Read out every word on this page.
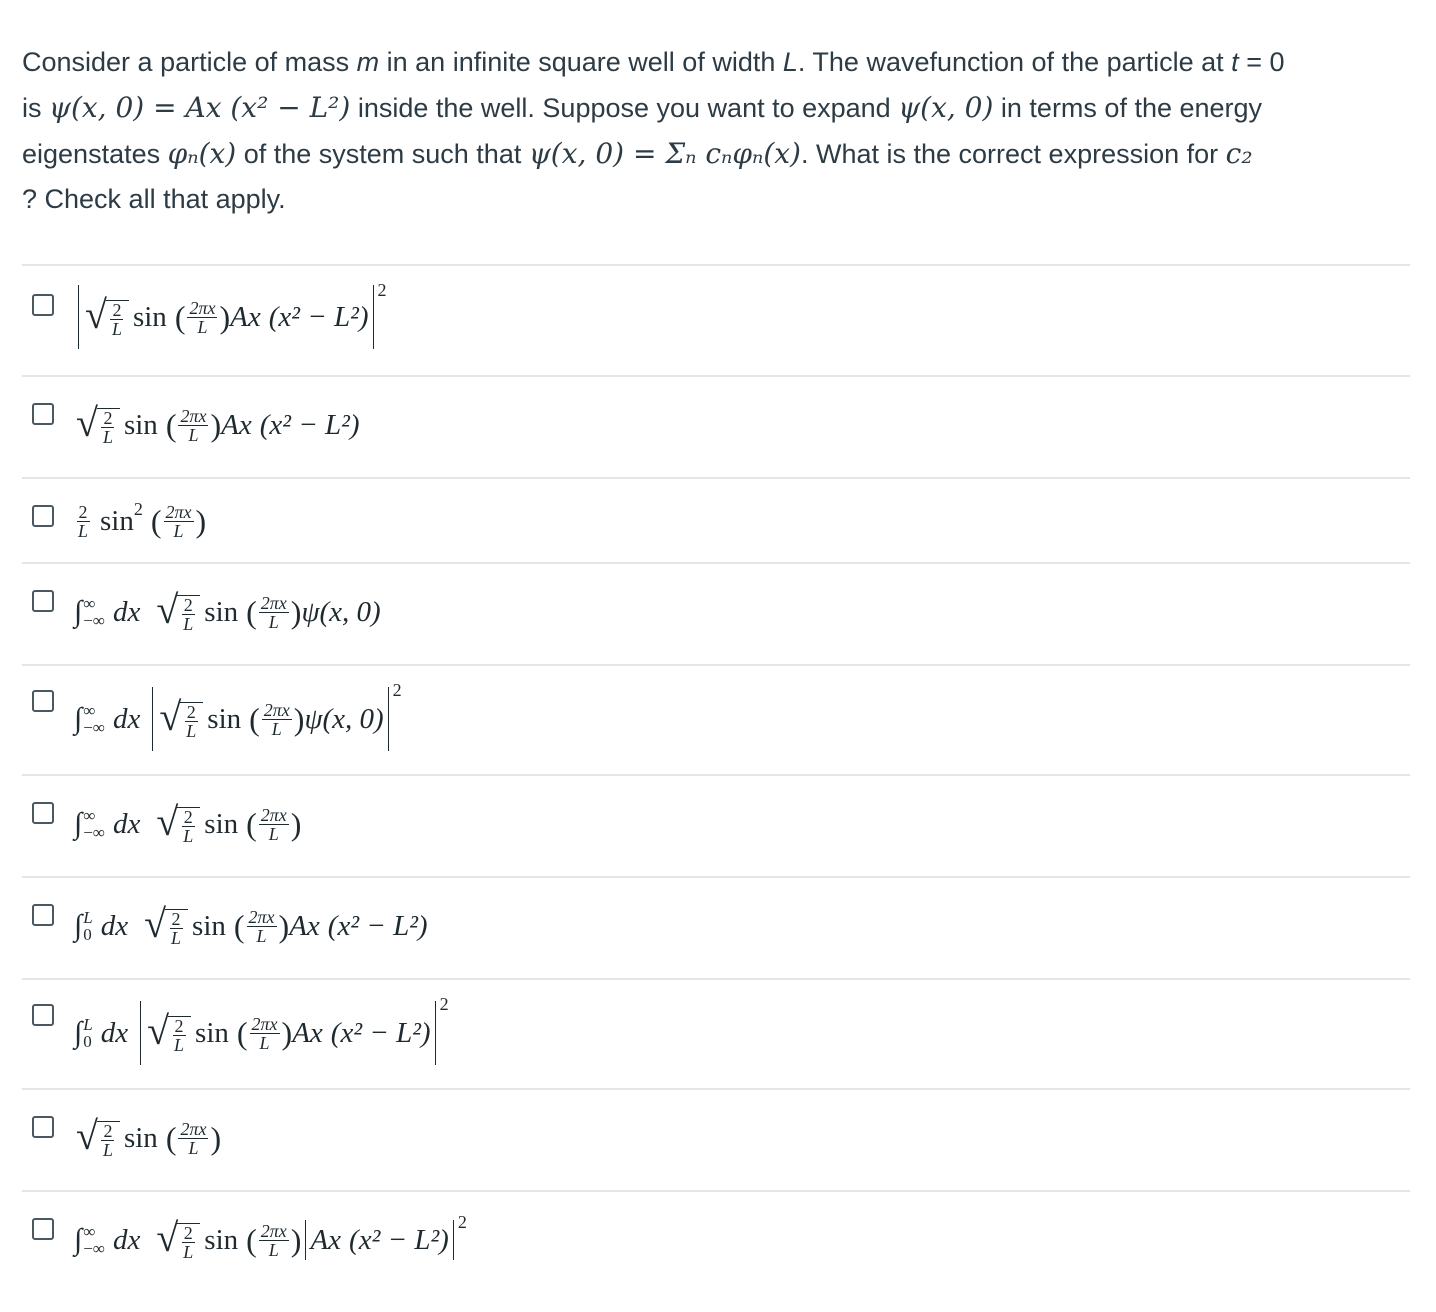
Consider a particle of mass m in an infinite square well of width L. The wavefunction of the particle at t = 0
is ψ(x, 0) = Ax (x² − L²) inside the well. Suppose you want to expand ψ(x, 0) in terms of the energy
eigenstates φₙ(x) of the system such that ψ(x, 0) = Σₙ cₙφₙ(x). What is the correct expression for c₂
? Check all that apply.
√ $\frac{2}{L}$ sin ( $\frac{2\pi x}{L}$ ) Ax (x² − L²)
2
√ $\frac{2}{L}$ sin ( $\frac{2\pi x}{L}$ ) Ax (x² − L²)
$\frac{2}{L}$ sin 2 ( $\frac{2\pi x}{L}$ )
∫ ∞
−∞ dx √ $\frac{2}{L}$ sin ( $\frac{2\pi x}{L}$ ) ψ(x, 0)
∫ ∞
−∞ dx √ $\frac{2}{L}$ sin ( $\frac{2\pi x}{L}$ ) ψ(x, 0)
2
∫ ∞
−∞ dx √ $\frac{2}{L}$ sin ( $\frac{2\pi x}{L}$ )
∫ L
0 dx √ $\frac{2}{L}$ sin ( $\frac{2\pi x}{L}$ ) Ax (x² − L²)
∫ L
0 dx √ $\frac{2}{L}$ sin ( $\frac{2\pi x}{L}$ ) Ax (x² − L²)
2
√ $\frac{2}{L}$ sin ( $\frac{2\pi x}{L}$ )
∫ ∞
−∞ dx √ $\frac{2}{L}$ sin ( $\frac{2\pi x}{L}$ ) Ax (x² − L²)
2
